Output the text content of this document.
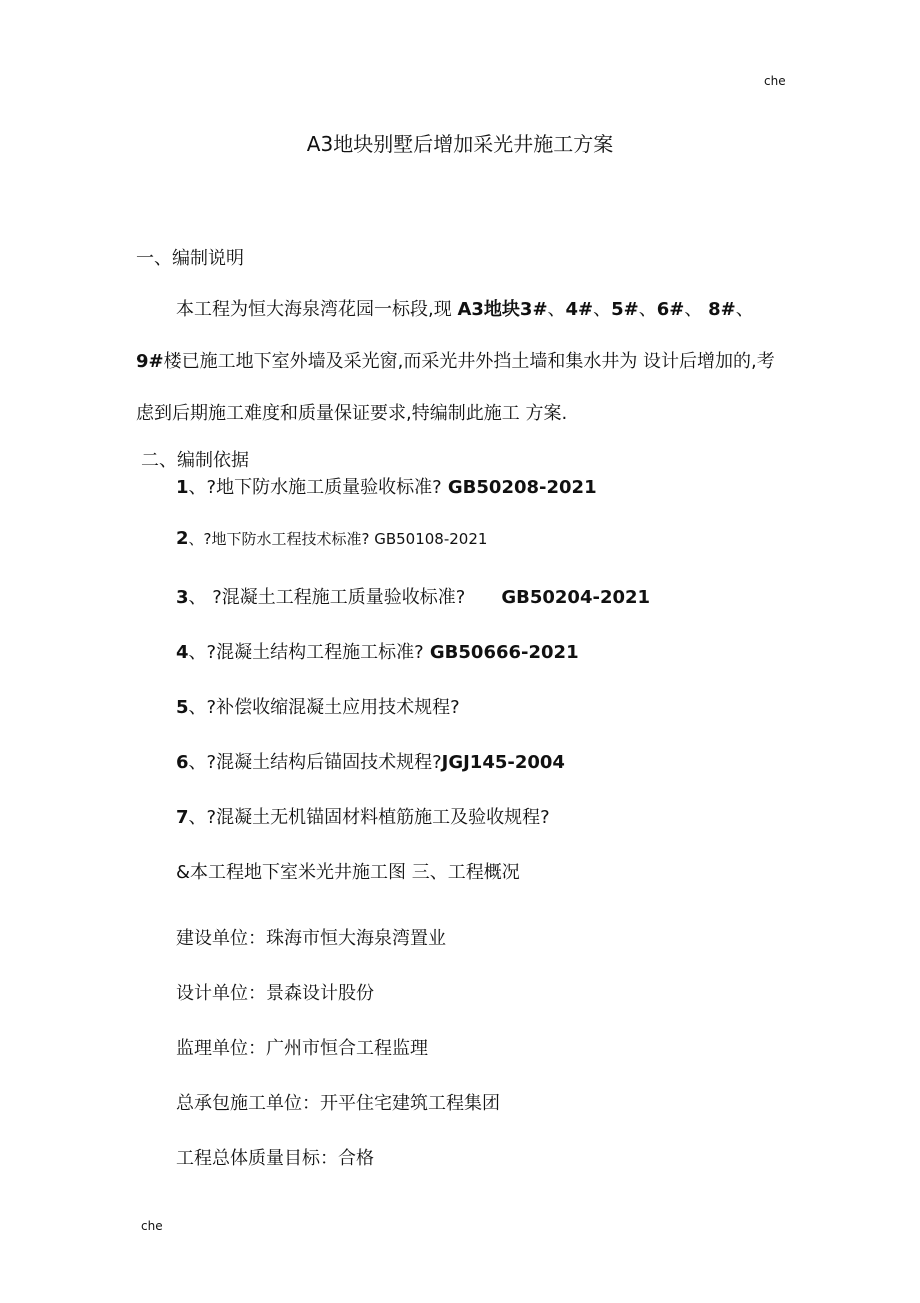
che
A3地块别墅后增加采光井施工方案
一、编制说明
本工程为恒大海泉湾花园一标段,现 A3地块3#、4#、5#、6#、 8#、 9#楼已施工地下室外墙及采光窗,而采光井外挡土墙和集水井为 设计后增加的,考虑到后期施工难度和质量保证要求,特编制此施工 方案.
二、编制依据
1、?地下防水施工质量验收标准? GB50208-2021
2、?地下防水工程技术标准? GB50108-2021
3、 ?混凝土工程施工质量验收标准? GB50204-2021
4、?混凝土结构工程施工标准? GB50666-2021
5、?补偿收缩混凝土应用技术规程?
6、?混凝土结构后锚固技术规程?JGJ145-2004
7、?混凝土无机锚固材料植筋施工及验收规程?
&本工程地下室米光井施工图 三、工程概况
建设单位：珠海市恒大海泉湾置业
设计单位：景森设计股份
监理单位：广州市恒合工程监理
总承包施工单位：开平住宅建筑工程集团
工程总体质量目标：合格
che
